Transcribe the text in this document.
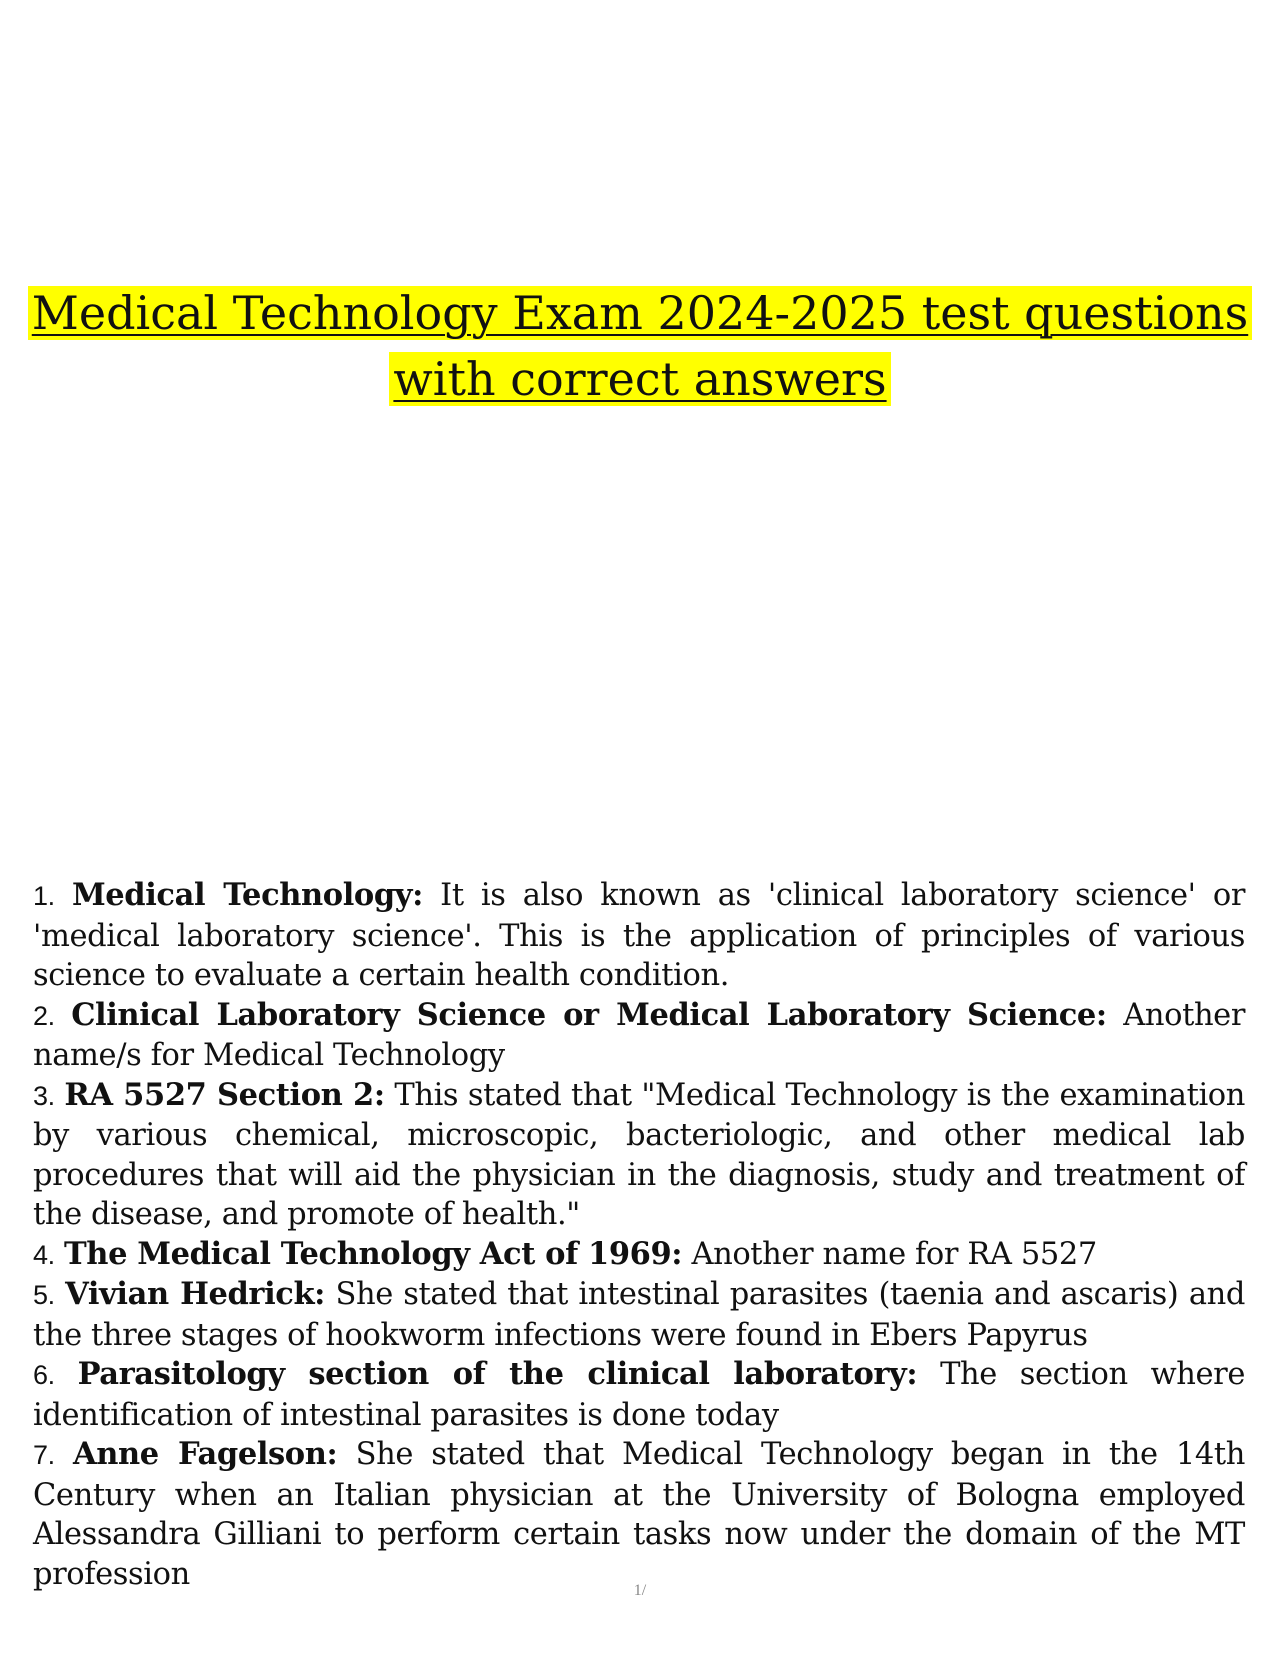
Medical Technology Exam 2024-2025 test questions
with correct answers

1. Medical Technology: It is also known as 'clinical laboratory science' or 'medical laboratory science'. This is the application of principles of various science to evaluate a certain health condition.

2. Clinical Laboratory Science or Medical Laboratory Science: Another name/s for Medical Technology

3. RA 5527 Section 2: This stated that "Medical Technology is the examination by various chemical, microscopic, bacteriologic, and other medical lab procedures that will aid the physician in the diagnosis, study and treatment of the disease, and promote of health."

4. The Medical Technology Act of 1969: Another name for RA 5527

5. Vivian Hedrick: She stated that intestinal parasites (taenia and ascaris) and the three stages of hookworm infections were found in Ebers Papyrus

6. Parasitology section of the clinical laboratory: The section where identification of intestinal parasites is done today

7. Anne Fagelson: She stated that Medical Technology began in the 14th Century when an Italian physician at the University of Bologna employed Alessandra Gilliani to perform certain tasks now under the domain of the MT profession	1/
